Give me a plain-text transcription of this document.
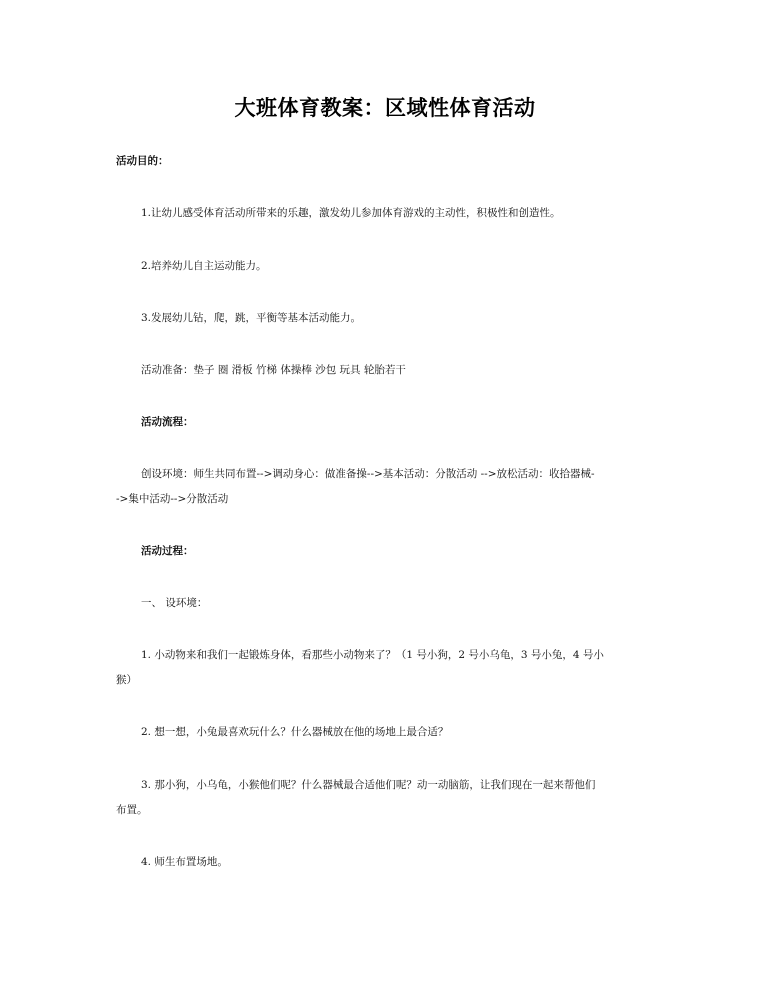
大班体育教案：区域性体育活动
活动目的：
1.让幼儿感受体育活动所带来的乐趣，激发幼儿参加体育游戏的主动性，积极性和创造性。
2.培养幼儿自主运动能力。
3.发展幼儿钻，爬，跳，平衡等基本活动能力。
活动准备：垫子 圈 滑板 竹梯 体操棒 沙包 玩具 轮胎若干
活动流程：
创设环境：师生共同布置-->调动身心：做准备操-->基本活动：分散活动 -->放松活动：收拾器械-
->集中活动-->分散活动
活动过程：
一、 设环境：
1. 小动物来和我们一起锻炼身体，看那些小动物来了？（1 号小狗，2 号小乌龟，3 号小兔，4 号小
猴）
2. 想一想，小兔最喜欢玩什么？什么器械放在他的场地上最合适？
3. 那小狗，小乌龟，小猴他们呢？什么器械最合适他们呢？动一动脑筋，让我们现在一起来帮他们
布置。
4. 师生布置场地。
